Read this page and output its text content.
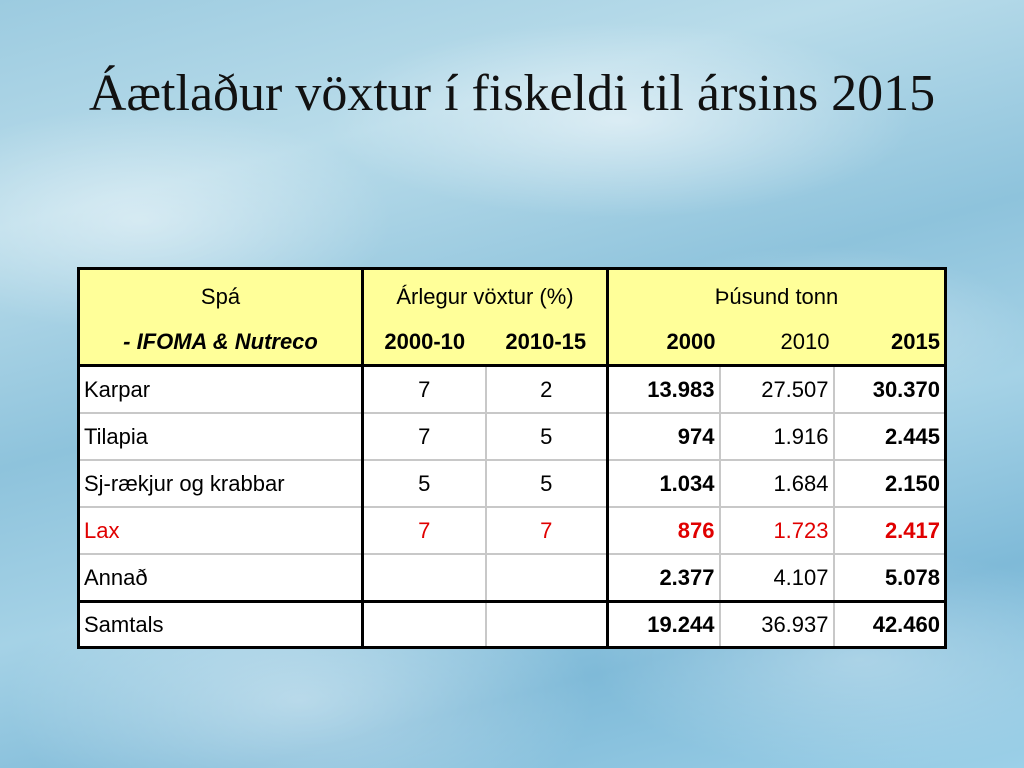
Áætlaður vöxtur í fiskeldi til ársins 2015
Spá	Árlegur vöxtur (%)		Þúsund tonn		
- IFOMA & Nutreco	2000-10	2010-15	2000	2010	2015
Karpar	7	2	13.983	27.507	30.370
Tilapia	7	5	974	1.916	2.445
Sj-rækjur og krabbar	5	5	1.034	1.684	2.150
Lax	7	7	876	1.723	2.417
Annað			2.377	4.107	5.078
Samtals			19.244	36.937	42.460
